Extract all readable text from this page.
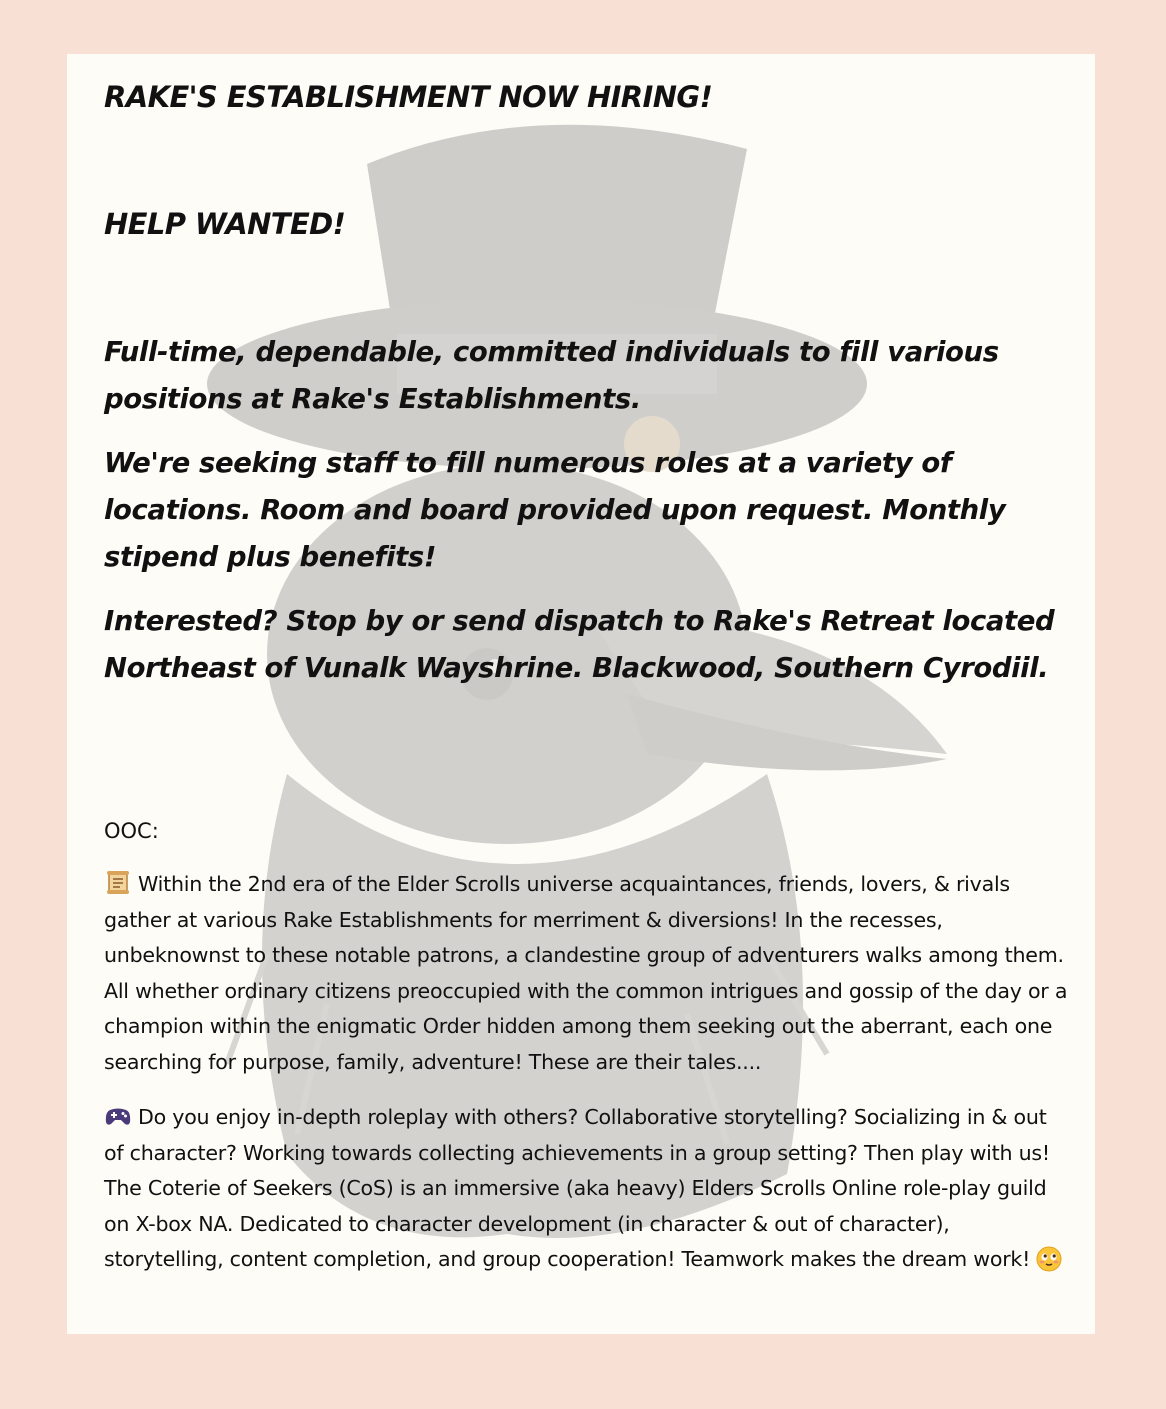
RAKE'S ESTABLISHMENT NOW HIRING!
HELP WANTED!

Full-time, dependable, committed individuals to fill various positions at Rake's Establishments.

We're seeking staff to fill numerous roles at a variety of locations. Room and board provided upon request. Monthly stipend plus benefits!

Interested? Stop by or send dispatch to Rake's Retreat located Northeast of Vunalk Wayshrine. Blackwood, Southern Cyrodiil.

OOC:

Within the 2nd era of the Elder Scrolls universe acquaintances, friends, lovers, & rivals gather at various Rake Establishments for merriment & diversions! In the recesses, unbeknownst to these notable patrons, a clandestine group of adventurers walks among them. All whether ordinary citizens preoccupied with the common intrigues and gossip of the day or a champion within the enigmatic Order hidden among them seeking out the aberrant, each one searching for purpose, family, adventure! These are their tales....

Do you enjoy in-depth roleplay with others? Collaborative storytelling? Socializing in & out of character? Working towards collecting achievements in a group setting? Then play with us! The Coterie of Seekers (CoS) is an immersive (aka heavy) Elders Scrolls Online role-play guild on X-box NA. Dedicated to character development (in character & out of character), storytelling, content completion, and group cooperation! Teamwork makes the dream work!
